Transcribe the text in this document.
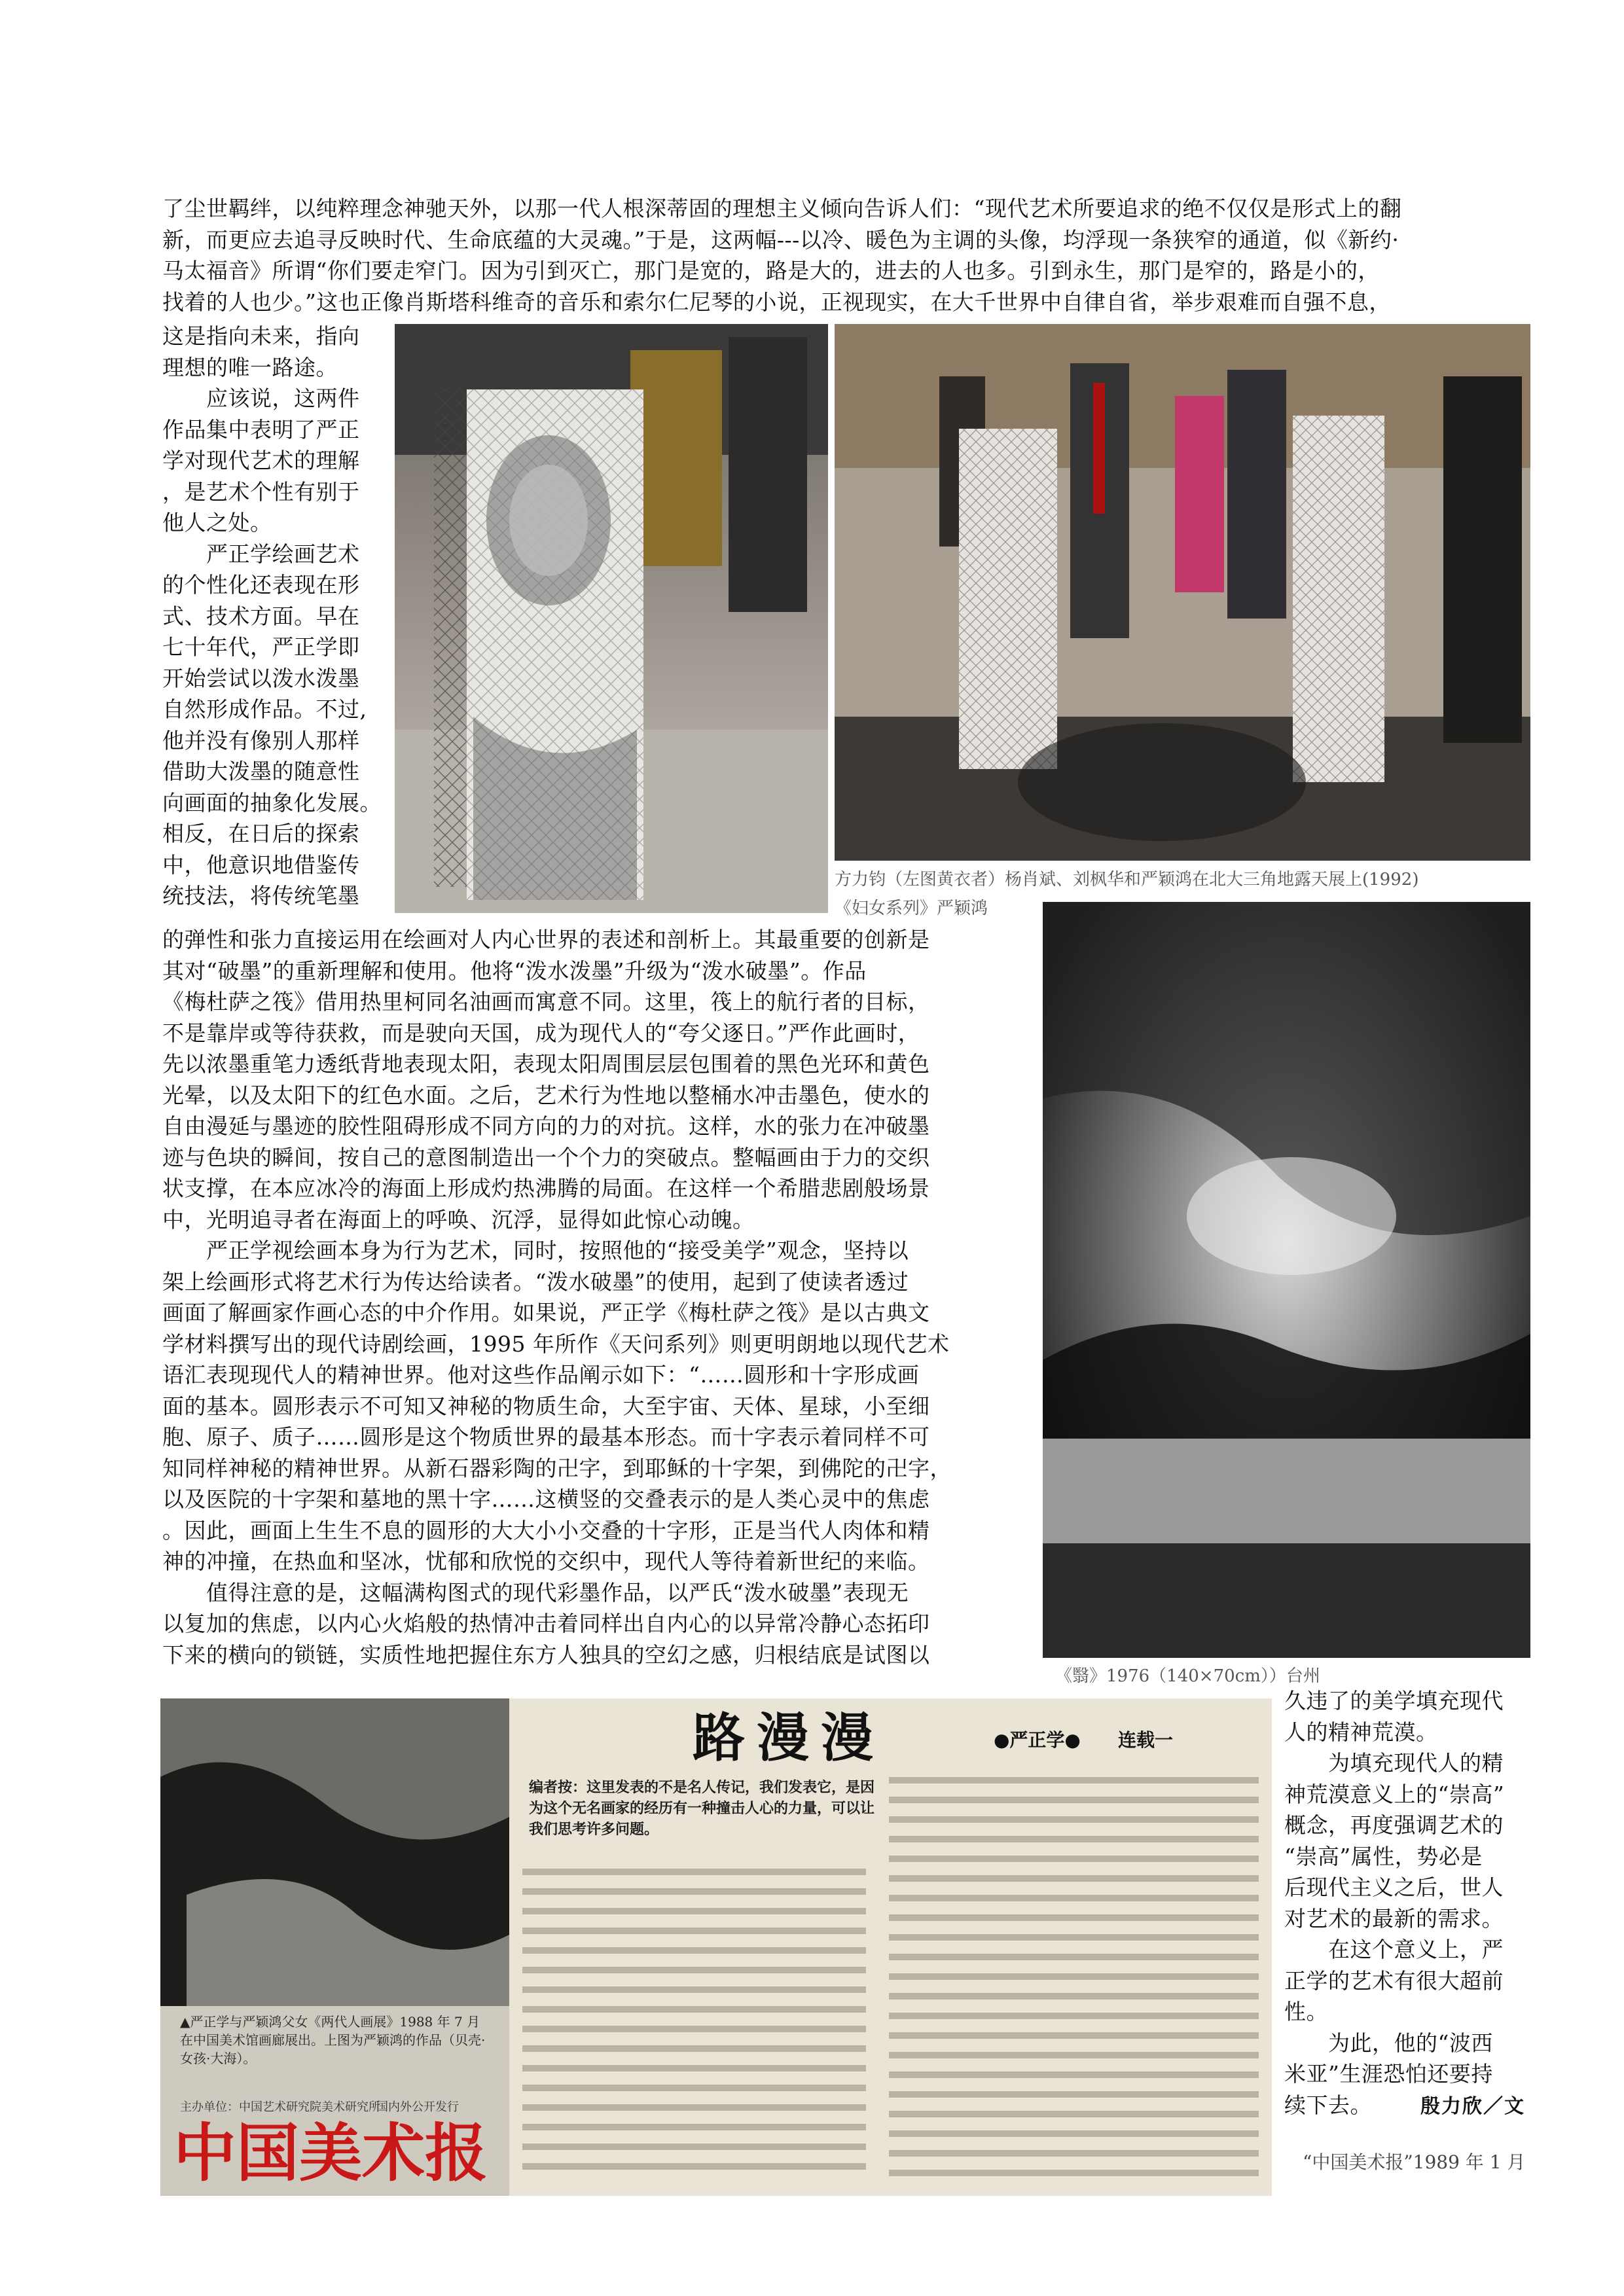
了尘世羁绊，以纯粹理念神驰天外，以那一代人根深蒂固的理想主义倾向告诉人们：“现代艺术所要追求的绝不仅仅是形式上的翻

新，而更应去追寻反映时代、生命底蕴的大灵魂。”于是，这两幅---以冷、暖色为主调的头像，均浮现一条狭窄的通道，似《新约·

马太福音》所谓“你们要走窄门。因为引到灭亡，那门是宽的，路是大的，进去的人也多。引到永生，那门是窄的，路是小的，

找着的人也少。”这也正像肖斯塔科维奇的音乐和索尔仁尼琴的小说，正视现实，在大千世界中自律自省，举步艰难而自强不息，

这是指向未来，指向

理想的唯一路途。

　　应该说，这两件

作品集中表明了严正

学对现代艺术的理解

，是艺术个性有别于

他人之处。

　　严正学绘画艺术

的个性化还表现在形

式、技术方面。早在

七十年代，严正学即

开始尝试以泼水泼墨

自然形成作品。不过,

他并没有像别人那样

借助大泼墨的随意性

向画面的抽象化发展。

相反，在日后的探索

中，他意识地借鉴传

统技法，将传统笔墨

方力钧（左图黄衣者）杨肖斌、刘枫华和严颖鸿在北大三角地露天展上(1992)
《妇女系列》严颖鸿

的弹性和张力直接运用在绘画对人内心世界的表述和剖析上。其最重要的创新是

其对“破墨”的重新理解和使用。他将“泼水泼墨”升级为“泼水破墨”。作品

《梅杜萨之筏》借用热里柯同名油画而寓意不同。这里，筏上的航行者的目标，

不是靠岸或等待获救，而是驶向天国，成为现代人的“夸父逐日。”严作此画时，

先以浓墨重笔力透纸背地表现太阳，表现太阳周围层层包围着的黑色光环和黄色

光晕，以及太阳下的红色水面。之后，艺术行为性地以整桶水冲击墨色，使水的

自由漫延与墨迹的胶性阻碍形成不同方向的力的对抗。这样，水的张力在冲破墨

迹与色块的瞬间，按自己的意图制造出一个个力的突破点。整幅画由于力的交织

状支撑，在本应冰冷的海面上形成灼热沸腾的局面。在这样一个希腊悲剧般场景

中，光明追寻者在海面上的呼唤、沉浮，显得如此惊心动魄。

　　严正学视绘画本身为行为艺术，同时，按照他的“接受美学”观念，坚持以

架上绘画形式将艺术行为传达给读者。“泼水破墨”的使用，起到了使读者透过

画面了解画家作画心态的中介作用。如果说，严正学《梅杜萨之筏》是以古典文

学材料撰写出的现代诗剧绘画，1995 年所作《天问系列》则更明朗地以现代艺术

语汇表现现代人的精神世界。他对这些作品阐示如下：“……圆形和十字形成画

面的基本。圆形表示不可知又神秘的物质生命，大至宇宙、天体、星球，小至细

胞、原子、质子……圆形是这个物质世界的最基本形态。而十字表示着同样不可

知同样神秘的精神世界。从新石器彩陶的卍字，到耶稣的十字架，到佛陀的卍字，

以及医院的十字架和墓地的黑十字……这横竖的交叠表示的是人类心灵中的焦虑

。因此，画面上生生不息的圆形的大大小小交叠的十字形，正是当代人肉体和精

神的冲撞，在热血和坚冰，忧郁和欣悦的交织中，现代人等待着新世纪的来临。

　　值得注意的是，这幅满构图式的现代彩墨作品，以严氏“泼水破墨”表现无

以复加的焦虑，以内心火焰般的热情冲击着同样出自内心的以异常冷静心态拓印

下来的横向的锁链，实质性地把握住东方人独具的空幻之感，归根结底是试图以

《翳》1976（140×70cm））台州
▲严正学与严颖鸿父女《两代人画展》1988 年 7 月在中国美术馆画廊展出。上图为严颖鸿的作品（贝壳·女孩·大海）。
主办单位：中国艺术研究院美术研究所
国内外公开发行
中国美术报
路漫漫	●严正学● 连载一
编者按：这里发表的不是名人传记，我们发表它，是因为这个无名画家的经历有一种撞击人心的力量，可以让我们思考许多问题。

久违了的美学填充现代

人的精神荒漠。

　　为填充现代人的精

神荒漠意义上的“崇高”

概念，再度强调艺术的

“崇高”属性，势必是

后现代主义之后，世人

对艺术的最新的需求。

　　在这个意义上，严

正学的艺术有很大超前

性。

　　为此，他的“波西

米亚”生涯恐怕还要持

续下去。	殷力欣／文
“中国美术报”1989 年 1 月
